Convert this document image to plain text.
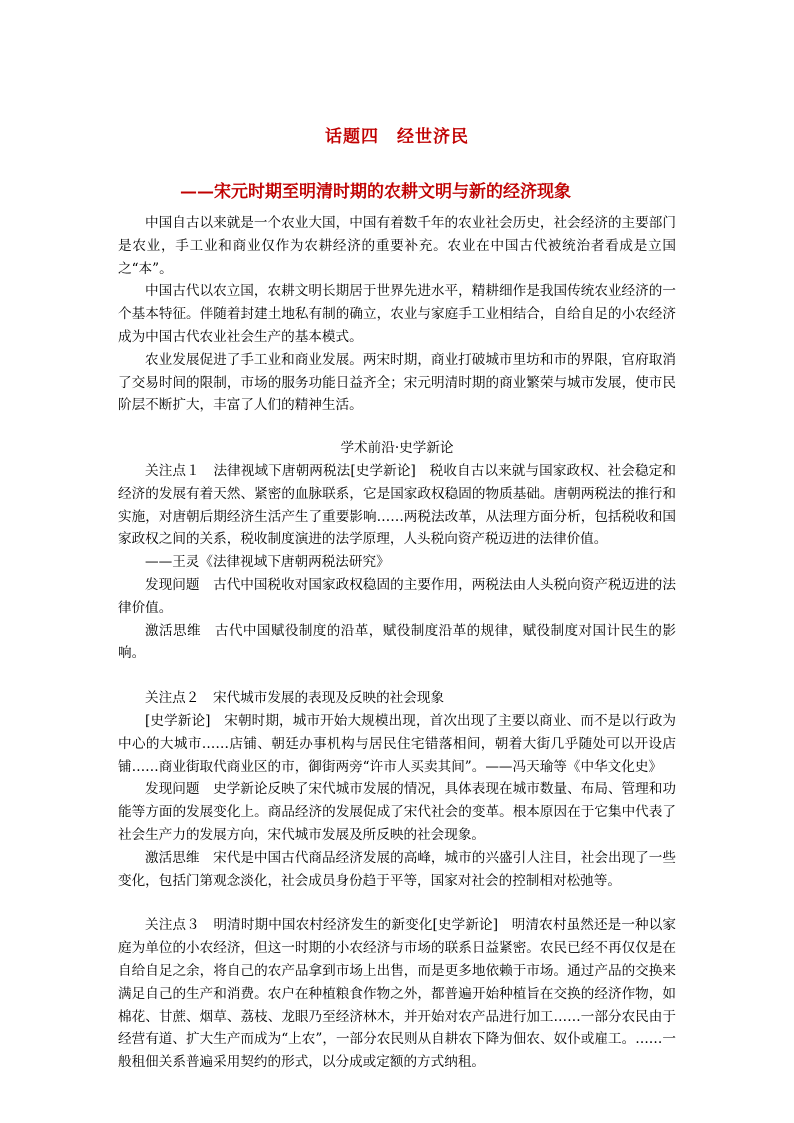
话题四　经世济民
——宋元时期至明清时期的农耕文明与新的经济现象

中国自古以来就是一个农业大国，中国有着数千年的农业社会历史，社会经济的主要部门是农业，手工业和商业仅作为农耕经济的重要补充。农业在中国古代被统治者看成是立国之“本”。

中国古代以农立国，农耕文明长期居于世界先进水平，精耕细作是我国传统农业经济的一个基本特征。伴随着封建土地私有制的确立，农业与家庭手工业相结合，自给自足的小农经济成为中国古代农业社会生产的基本模式。

农业发展促进了手工业和商业发展。两宋时期，商业打破城市里坊和市的界限，官府取消了交易时间的限制，市场的服务功能日益齐全；宋元明清时期的商业繁荣与城市发展，使市民阶层不断扩大，丰富了人们的精神生活。

学术前沿·史学新论

关注点１　法律视域下唐朝两税法[史学新论]　税收自古以来就与国家政权、社会稳定和经济的发展有着天然、紧密的血脉联系，它是国家政权稳固的物质基础。唐朝两税法的推行和实施，对唐朝后期经济生活产生了重要影响……两税法改革，从法理方面分析，包括税收和国家政权之间的关系，税收制度演进的法学原理，人头税向资产税迈进的法律价值。

——王灵《法律视域下唐朝两税法研究》

发现问题　古代中国税收对国家政权稳固的主要作用，两税法由人头税向资产税迈进的法律价值。

激活思维　古代中国赋役制度的沿革，赋役制度沿革的规律，赋役制度对国计民生的影响。

关注点２　宋代城市发展的表现及反映的社会现象

[史学新论]　宋朝时期，城市开始大规模出现，首次出现了主要以商业、而不是以行政为中心的大城市……店铺、朝廷办事机构与居民住宅错落相间，朝着大街几乎随处可以开设店铺……商业街取代商业区的市，御街两旁“许市人买卖其间”。——冯天瑜等《中华文化史》

发现问题　史学新论反映了宋代城市发展的情况，具体表现在城市数量、布局、管理和功能等方面的发展变化上。商品经济的发展促成了宋代社会的变革。根本原因在于它集中代表了社会生产力的发展方向，宋代城市发展及所反映的社会现象。

激活思维　宋代是中国古代商品经济发展的高峰，城市的兴盛引人注目，社会出现了一些变化，包括门第观念淡化，社会成员身份趋于平等，国家对社会的控制相对松弛等。

关注点３　明清时期中国农村经济发生的新变化[史学新论]　明清农村虽然还是一种以家庭为单位的小农经济，但这一时期的小农经济与市场的联系日益紧密。农民已经不再仅仅是在自给自足之余，将自己的农产品拿到市场上出售，而是更多地依赖于市场。通过产品的交换来满足自己的生产和消费。农户在种植粮食作物之外，都普遍开始种植旨在交换的经济作物，如棉花、甘蔗、烟草、荔枝、龙眼乃至经济林木，并开始对农产品进行加工……一部分农民由于经营有道、扩大生产而成为“上农”，一部分农民则从自耕农下降为佃农、奴仆或雇工。……一般租佃关系普遍采用契约的形式，以分成或定额的方式纳租。
